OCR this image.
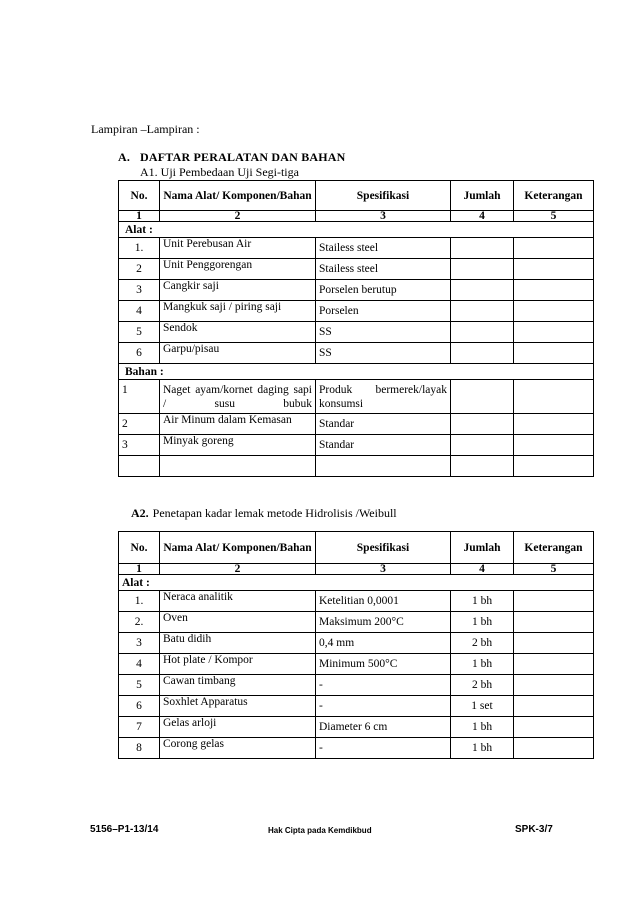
Lampiran –Lampiran :
A. DAFTAR PERALATAN DAN BAHAN
A1. Uji Pembedaan Uji Segi-tiga
No.	Nama Alat/ Komponen/Bahan	Spesifikasi	Jumlah	Keterangan
1	2	3	4	5
Alat :				
1.	Unit Perebusan Air	Stailess steel		
2	Unit Penggorengan	Stailess steel		
3	Cangkir saji	Porselen berutup		
4	Mangkuk saji / piring saji	Porselen		
5	Sendok	SS		
6	Garpu/pisau	SS		
Bahan :				
1	Naget ayam/kornet daging sapi / susu bubuk	Produk bermerek/layak konsumsi		
2	Air Minum dalam Kemasan	Standar		
3	Minyak goreng	Standar		

A2. Penetapan kadar lemak metode Hidrolisis /Weibull
No.	Nama Alat/ Komponen/Bahan	Spesifikasi	Jumlah	Keterangan
1	2	3	4	5
Alat :				
1.	Neraca analitik	Ketelitian 0,0001	1 bh	
2.	Oven	Maksimum 200°C	1 bh	
3	Batu didih	0,4 mm	2 bh	
4	Hot plate / Kompor	Minimum 500°C	1 bh	
5	Cawan timbang	-	2 bh	
6	Soxhlet Apparatus	-	1 set	
7	Gelas arloji	Diameter 6 cm	1 bh	
8	Corong gelas	-	1 bh	
5156–P1-13/14	Hak Cipta pada Kemdikbud	SPK-3/7
